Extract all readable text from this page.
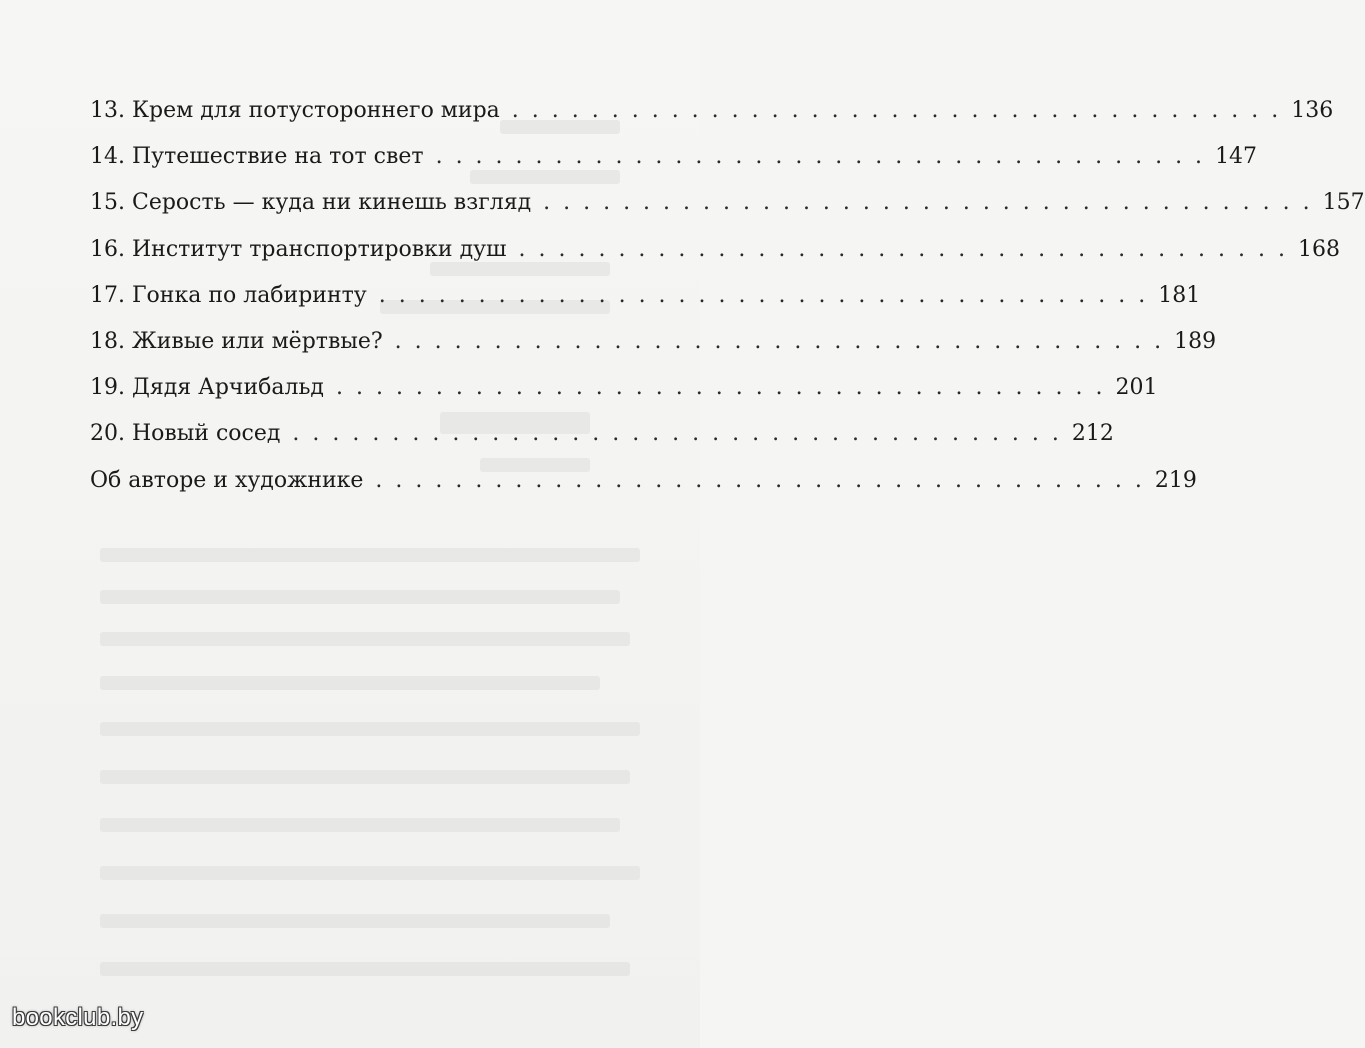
13. Крем для потустороннего мира . . . . . . . . . . . . . . . . . . . . . . . . . . . . . . . . . . . . . . . 136
14. Путешествие на тот свет . . . . . . . . . . . . . . . . . . . . . . . . . . . . . . . . . . . . . . . 147
15. Серость — куда ни кинешь взгляд . . . . . . . . . . . . . . . . . . . . . . . . . . . . . . . . . . . . . . . 157
16. Институт транспортировки душ . . . . . . . . . . . . . . . . . . . . . . . . . . . . . . . . . . . . . . . 168
17. Гонка по лабиринту . . . . . . . . . . . . . . . . . . . . . . . . . . . . . . . . . . . . . . . 181
18. Живые или мёртвые? . . . . . . . . . . . . . . . . . . . . . . . . . . . . . . . . . . . . . . . 189
19. Дядя Арчибальд . . . . . . . . . . . . . . . . . . . . . . . . . . . . . . . . . . . . . . . 201
20. Новый сосед . . . . . . . . . . . . . . . . . . . . . . . . . . . . . . . . . . . . . . . 212
Об авторе и художнике . . . . . . . . . . . . . . . . . . . . . . . . . . . . . . . . . . . . . . . 219
bookclub.by
